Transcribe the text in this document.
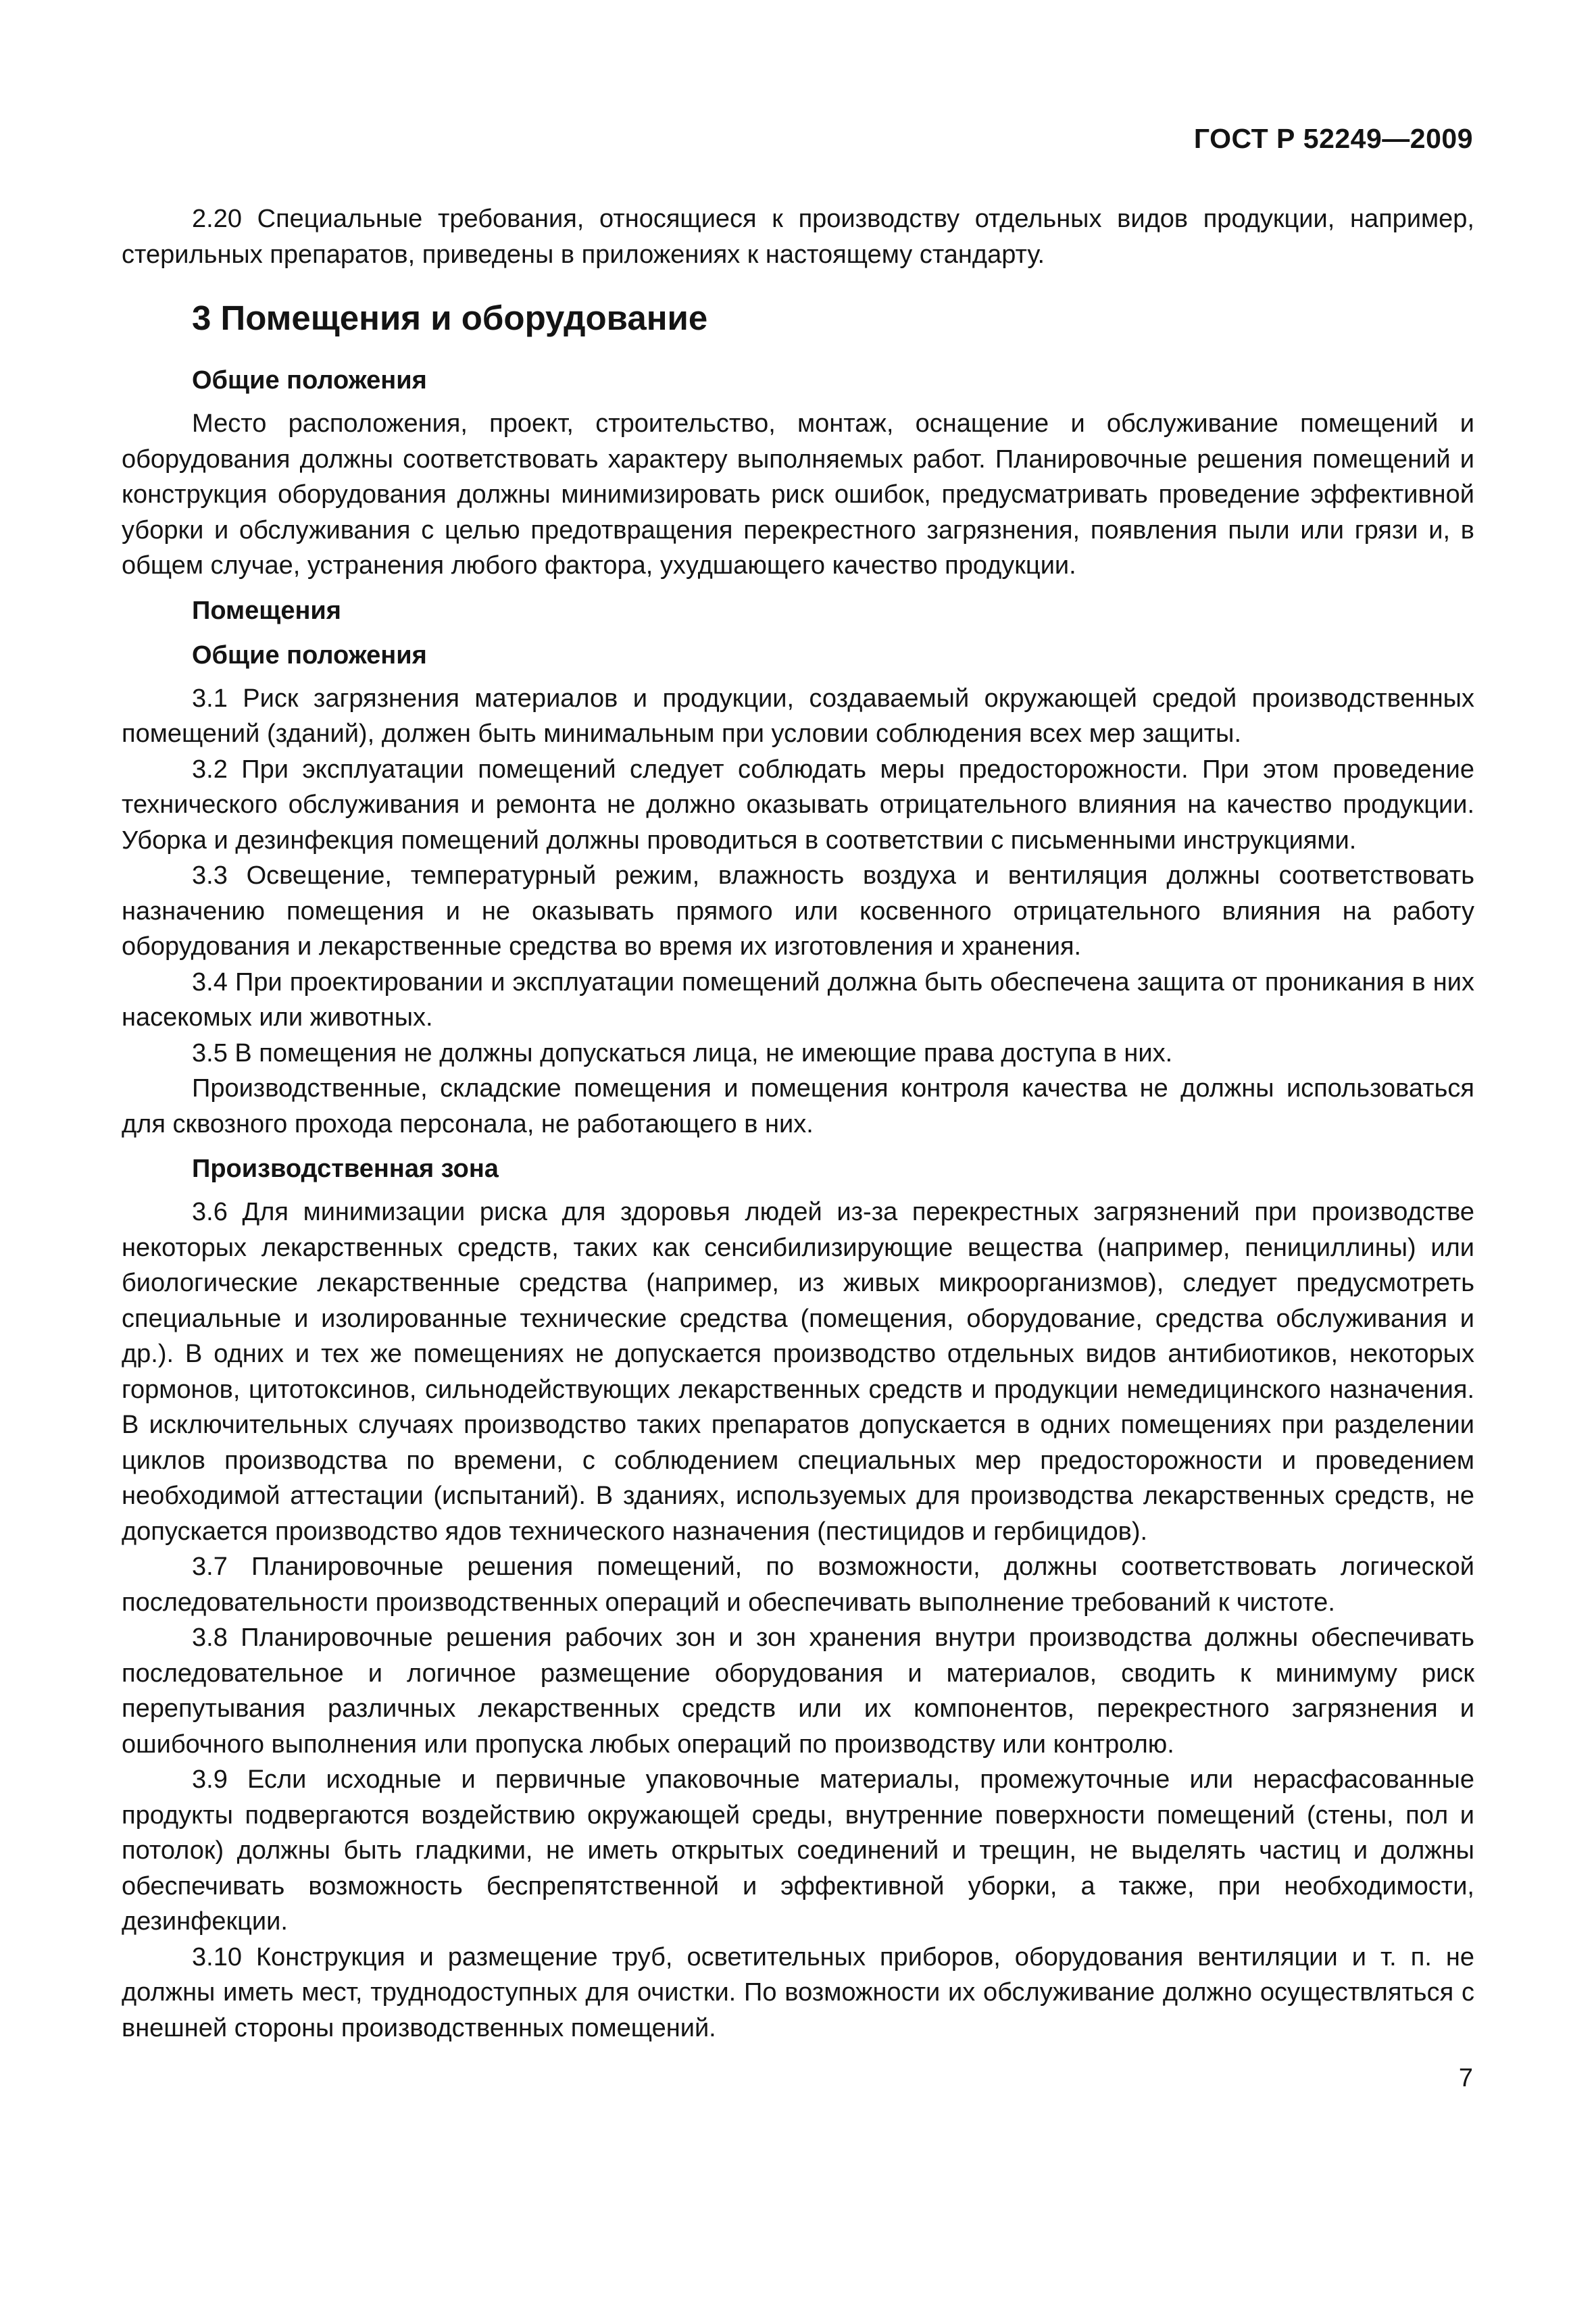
ГОСТ Р 52249—2009

2.20 Специальные требования, относящиеся к производству отдельных видов продукции, например, стерильных препаратов, приведены в приложениях к настоящему стандарту.

3 Помещения и оборудование
Общие положения

Место расположения, проект, строительство, монтаж, оснащение и обслуживание помещений и оборудования должны соответствовать характеру выполняемых работ. Планировочные решения помещений и конструкция оборудования должны минимизировать риск ошибок, предусматривать проведение эффективной уборки и обслуживания с целью предотвращения перекрестного загрязнения, появления пыли или грязи и, в общем случае, устранения любого фактора, ухудшающего качество продукции.

Помещения
Общие положения

3.1 Риск загрязнения материалов и продукции, создаваемый окружающей средой производственных помещений (зданий), должен быть минимальным при условии соблюдения всех мер защиты.

3.2 При эксплуатации помещений следует соблюдать меры предосторожности. При этом проведение технического обслуживания и ремонта не должно оказывать отрицательного влияния на качество продукции. Уборка и дезинфекция помещений должны проводиться в соответствии с письменными инструкциями.

3.3 Освещение, температурный режим, влажность воздуха и вентиляция должны соответствовать назначению помещения и не оказывать прямого или косвенного отрицательного влияния на работу оборудования и лекарственные средства во время их изготовления и хранения.

3.4 При проектировании и эксплуатации помещений должна быть обеспечена защита от проникания в них насекомых или животных.

3.5 В помещения не должны допускаться лица, не имеющие права доступа в них.

Производственные, складские помещения и помещения контроля качества не должны использоваться для сквозного прохода персонала, не работающего в них.

Производственная зона

3.6 Для минимизации риска для здоровья людей из-за перекрестных загрязнений при производстве некоторых лекарственных средств, таких как сенсибилизирующие вещества (например, пенициллины) или биологические лекарственные средства (например, из живых микроорганизмов), следует предусмотреть специальные и изолированные технические средства (помещения, оборудование, средства обслуживания и др.). В одних и тех же помещениях не допускается производство отдельных видов антибиотиков, некоторых гормонов, цитотоксинов, сильнодействующих лекарственных средств и продукции немедицинского назначения. В исключительных случаях производство таких препаратов допускается в одних помещениях при разделении циклов производства по времени, с соблюдением специальных мер предосторожности и проведением необходимой аттестации (испытаний). В зданиях, используемых для производства лекарственных средств, не допускается производство ядов технического назначения (пестицидов и гербицидов).

3.7 Планировочные решения помещений, по возможности, должны соответствовать логической последовательности производственных операций и обеспечивать выполнение требований к чистоте.

3.8 Планировочные решения рабочих зон и зон хранения внутри производства должны обеспечивать последовательное и логичное размещение оборудования и материалов, сводить к минимуму риск перепутывания различных лекарственных средств или их компонентов, перекрестного загрязнения и ошибочного выполнения или пропуска любых операций по производству или контролю.

3.9 Если исходные и первичные упаковочные материалы, промежуточные или нерасфасованные продукты подвергаются воздействию окружающей среды, внутренние поверхности помещений (стены, пол и потолок) должны быть гладкими, не иметь открытых соединений и трещин, не выделять частиц и должны обеспечивать возможность беспрепятственной и эффективной уборки, а также, при необходимости, дезинфекции.

3.10 Конструкция и размещение труб, осветительных приборов, оборудования вентиляции и т. п. не должны иметь мест, труднодоступных для очистки. По возможности их обслуживание должно осуществляться с внешней стороны производственных помещений.

7
